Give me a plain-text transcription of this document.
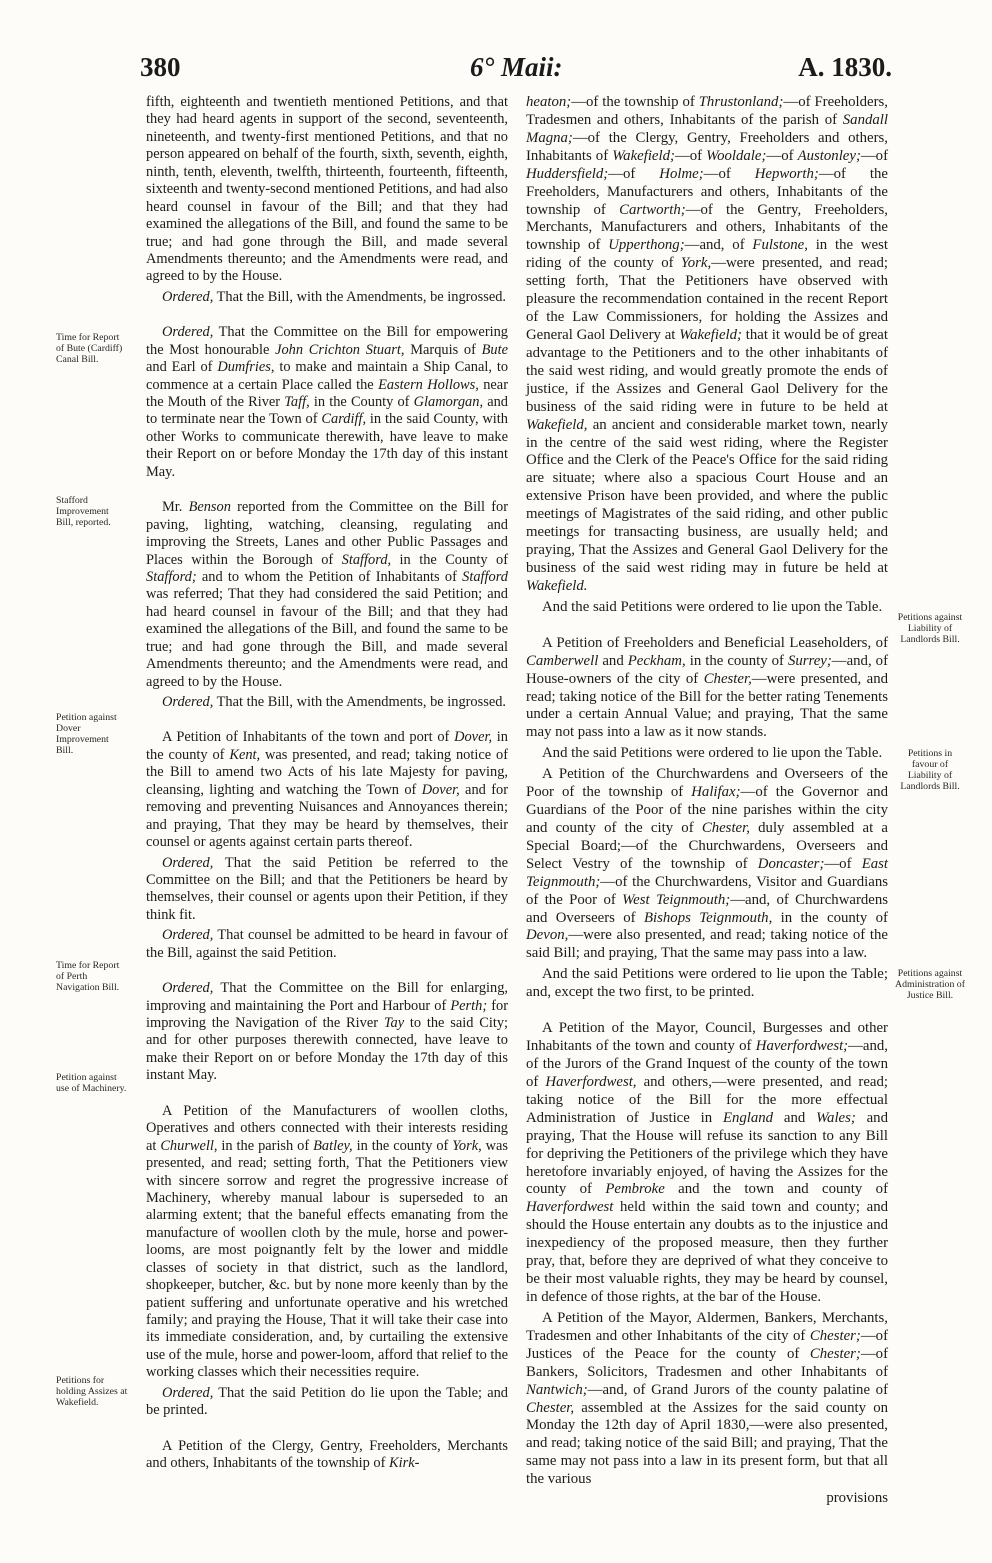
380	6° Maii:	A. 1830.

fifth, eighteenth and twentieth mentioned Petitions, and that they had heard agents in support of the second, seventeenth, nineteenth, and twenty-first mentioned Petitions, and that no person appeared on behalf of the fourth, sixth, seventh, eighth, ninth, tenth, eleventh, twelfth, thirteenth, fourteenth, fifteenth, sixteenth and twenty-second mentioned Petitions, and had also heard counsel in favour of the Bill; and that they had examined the allegations of the Bill, and found the same to be true; and had gone through the Bill, and made several Amendments thereunto; and the Amendments were read, and agreed to by the House.

Ordered, That the Bill, with the Amendments, be ingrossed.

Ordered, That the Committee on the Bill for empowering the Most honourable John Crichton Stuart, Marquis of Bute and Earl of Dumfries, to make and maintain a Ship Canal, to commence at a certain Place called the Eastern Hollows, near the Mouth of the River Taff, in the County of Glamorgan, and to terminate near the Town of Cardiff, in the said County, with other Works to communicate therewith, have leave to make their Report on or before Monday the 17th day of this instant May.

Mr. Benson reported from the Committee on the Bill for paving, lighting, watching, cleansing, regulating and improving the Streets, Lanes and other Public Passages and Places within the Borough of Stafford, in the County of Stafford; and to whom the Petition of Inhabitants of Stafford was referred; That they had considered the said Petition; and had heard counsel in favour of the Bill; and that they had examined the allegations of the Bill, and found the same to be true; and had gone through the Bill, and made several Amendments thereunto; and the Amendments were read, and agreed to by the House.

Ordered, That the Bill, with the Amendments, be ingrossed.

A Petition of Inhabitants of the town and port of Dover, in the county of Kent, was presented, and read; taking notice of the Bill to amend two Acts of his late Majesty for paving, cleansing, lighting and watching the Town of Dover, and for removing and preventing Nuisances and Annoyances therein; and praying, That they may be heard by themselves, their counsel or agents against certain parts thereof.

Ordered, That the said Petition be referred to the Committee on the Bill; and that the Petitioners be heard by themselves, their counsel or agents upon their Petition, if they think fit.

Ordered, That counsel be admitted to be heard in favour of the Bill, against the said Petition.

Ordered, That the Committee on the Bill for enlarging, improving and maintaining the Port and Harbour of Perth; for improving the Navigation of the River Tay to the said City; and for other purposes therewith connected, have leave to make their Report on or before Monday the 17th day of this instant May.

A Petition of the Manufacturers of woollen cloths, Operatives and others connected with their interests residing at Churwell, in the parish of Batley, in the county of York, was presented, and read; setting forth, That the Petitioners view with sincere sorrow and regret the progressive increase of Machinery, whereby manual labour is superseded to an alarming extent; that the baneful effects emanating from the manufacture of woollen cloth by the mule, horse and power-looms, are most poignantly felt by the lower and middle classes of society in that district, such as the landlord, shopkeeper, butcher, &c. but by none more keenly than by the patient suffering and unfortunate operative and his wretched family; and praying the House, That it will take their case into its immediate consideration, and, by curtailing the extensive use of the mule, horse and power-loom, afford that relief to the working classes which their necessities require.

Ordered, That the said Petition do lie upon the Table; and be printed.

A Petition of the Clergy, Gentry, Freeholders, Merchants and others, Inhabitants of the township of Kirk-

heaton;—of the township of Thrustonland;—of Freeholders, Tradesmen and others, Inhabitants of the parish of Sandall Magna;—of the Clergy, Gentry, Freeholders and others, Inhabitants of Wakefield;—of Wooldale;—of Austonley;—of Huddersfield;—of Holme;—of Hepworth;—of the Freeholders, Manufacturers and others, Inhabitants of the township of Cartworth;—of the Gentry, Freeholders, Merchants, Manufacturers and others, Inhabitants of the township of Upperthong;—and, of Fulstone, in the west riding of the county of York,—were presented, and read; setting forth, That the Petitioners have observed with pleasure the recommendation contained in the recent Report of the Law Commissioners, for holding the Assizes and General Gaol Delivery at Wakefield; that it would be of great advantage to the Petitioners and to the other inhabitants of the said west riding, and would greatly promote the ends of justice, if the Assizes and General Gaol Delivery for the business of the said riding were in future to be held at Wakefield, an ancient and considerable market town, nearly in the centre of the said west riding, where the Register Office and the Clerk of the Peace's Office for the said riding are situate; where also a spacious Court House and an extensive Prison have been provided, and where the public meetings of Magistrates of the said riding, and other public meetings for transacting business, are usually held; and praying, That the Assizes and General Gaol Delivery for the business of the said west riding may in future be held at Wakefield.

And the said Petitions were ordered to lie upon the Table.

A Petition of Freeholders and Beneficial Leaseholders, of Camberwell and Peckham, in the county of Surrey;—and, of House-owners of the city of Chester,—were presented, and read; taking notice of the Bill for the better rating Tenements under a certain Annual Value; and praying, That the same may not pass into a law as it now stands.

And the said Petitions were ordered to lie upon the Table.

A Petition of the Churchwardens and Overseers of the Poor of the township of Halifax;—of the Governor and Guardians of the Poor of the nine parishes within the city and county of the city of Chester, duly assembled at a Special Board;—of the Churchwardens, Overseers and Select Vestry of the township of Doncaster;—of East Teignmouth;—of the Churchwardens, Visitor and Guardians of the Poor of West Teignmouth;—and, of Churchwardens and Overseers of Bishops Teignmouth, in the county of Devon,—were also presented, and read; taking notice of the said Bill; and praying, That the same may pass into a law.

And the said Petitions were ordered to lie upon the Table; and, except the two first, to be printed.

A Petition of the Mayor, Council, Burgesses and other Inhabitants of the town and county of Haverfordwest;—and, of the Jurors of the Grand Inquest of the county of the town of Haverfordwest, and others,—were presented, and read; taking notice of the Bill for the more effectual Administration of Justice in England and Wales; and praying, That the House will refuse its sanction to any Bill for depriving the Petitioners of the privilege which they have heretofore invariably enjoyed, of having the Assizes for the county of Pembroke and the town and county of Haverfordwest held within the said town and county; and should the House entertain any doubts as to the injustice and inexpediency of the proposed measure, then they further pray, that, before they are deprived of what they conceive to be their most valuable rights, they may be heard by counsel, in defence of those rights, at the bar of the House.

A Petition of the Mayor, Aldermen, Bankers, Merchants, Tradesmen and other Inhabitants of the city of Chester;—of Justices of the Peace for the county of Chester;—of Bankers, Solicitors, Tradesmen and other Inhabitants of Nantwich;—and, of Grand Jurors of the county palatine of Chester, assembled at the Assizes for the said county on Monday the 12th day of April 1830,—were also presented, and read; taking notice of the said Bill; and praying, That the same may not pass into a law in its present form, but that all the various

provisions

Time for Report of Bute (Cardiff) Canal Bill.
Stafford Improvement Bill, reported.
Petition against Dover Improvement Bill.
Time for Report of Perth Navigation Bill.
Petition against use of Machinery.
Petitions for holding Assizes at Wakefield.
Petitions against Liability of Landlords Bill.
Petitions in favour of Liability of Landlords Bill.
Petitions against Administration of Justice Bill.
